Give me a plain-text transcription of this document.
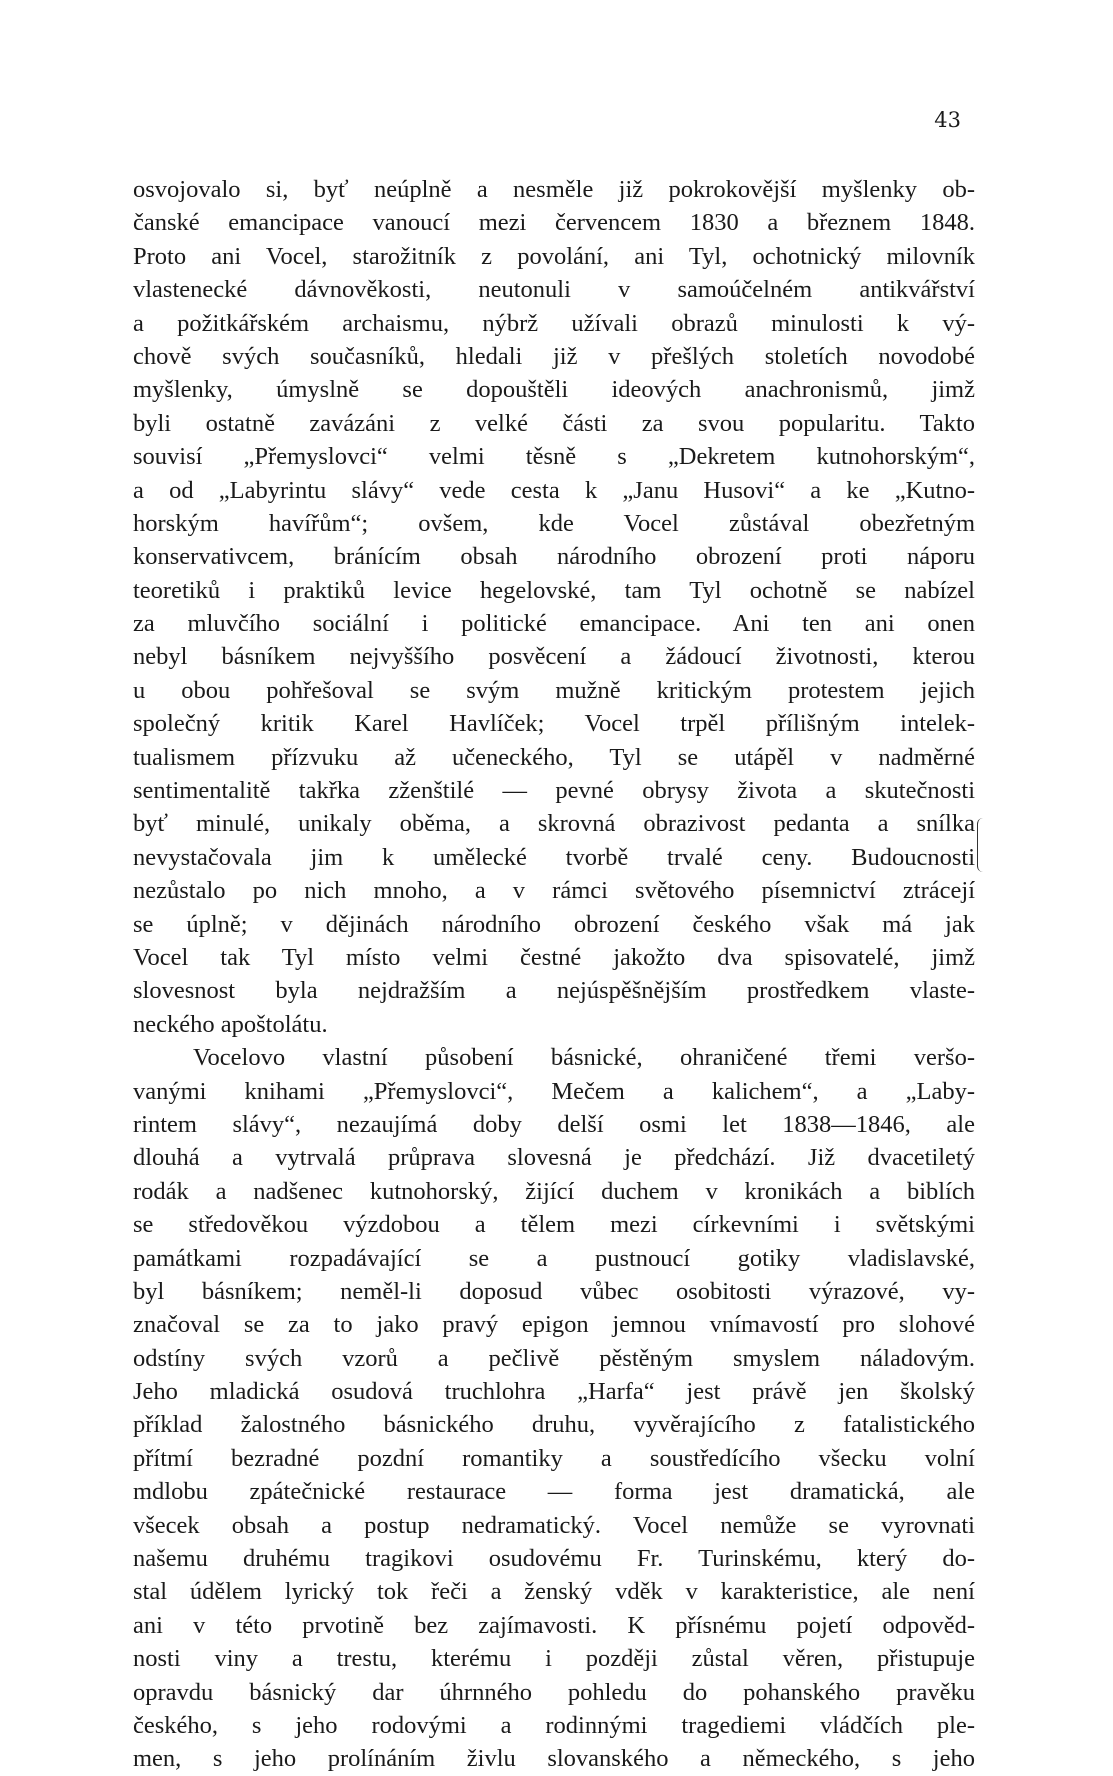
43
osvojovalo si, byť neúplně a nesměle již pokrokovější myšlenky ob-
čanské emancipace vanoucí mezi červencem 1830 a březnem 1848.
Proto ani Vocel, starožitník z povolání, ani Tyl, ochotnický milovník
vlastenecké dávnověkosti, neutonuli v samoúčelném antikvářství
a požitkářském archaismu, nýbrž užívali obrazů minulosti k vý-
chově svých současníků, hledali již v přešlých stoletích novodobé
myšlenky, úmyslně se dopouštěli ideových anachronismů, jimž
byli ostatně zavázáni z velké části za svou popularitu. Takto
souvisí „Přemyslovci“ velmi těsně s „Dekretem kutnohorským“,
a od „Labyrintu slávy“ vede cesta k „Janu Husovi“ a ke „Kutno-
horským havířům“; ovšem, kde Vocel zůstával obezřetným
konservativcem, bránícím obsah národního obrození proti náporu
teoretiků i praktiků levice hegelovské, tam Tyl ochotně se nabízel
za mluvčího sociální i politické emancipace. Ani ten ani onen
nebyl básníkem nejvyššího posvěcení a žádoucí životnosti, kterou
u obou pohřešoval se svým mužně kritickým protestem jejich
společný kritik Karel Havlíček; Vocel trpěl přílišným intelek-
tualismem přízvuku až učeneckého, Tyl se utápěl v nadměrné
sentimentalitě takřka zženštilé — pevné obrysy života a skutečnosti
byť minulé, unikaly oběma, a skrovná obrazivost pedanta a snílka
nevystačovala jim k umělecké tvorbě trvalé ceny. Budoucnosti
nezůstalo po nich mnoho, a v rámci světového písemnictví ztrácejí
se úplně; v dějinách národního obrození českého však má jak
Vocel tak Tyl místo velmi čestné jakožto dva spisovatelé, jimž
slovesnost byla nejdražším a nejúspěšnějším prostředkem vlaste-
neckého apoštolátu.
Vocelovo vlastní působení básnické, ohraničené třemi veršo-
vanými knihami „Přemyslovci“, Mečem a kalichem“, a „Laby-
rintem slávy“, nezaujímá doby delší osmi let 1838—1846, ale
dlouhá a vytrvalá průprava slovesná je předchází. Již dvacetiletý
rodák a nadšenec kutnohorský, žijící duchem v kronikách a biblích
se středověkou výzdobou a tělem mezi církevními i světskými
památkami rozpadávající se a pustnoucí gotiky vladislavské,
byl básníkem; neměl-li doposud vůbec osobitosti výrazové, vy-
značoval se za to jako pravý epigon jemnou vnímavostí pro slohové
odstíny svých vzorů a pečlivě pěstěným smyslem náladovým.
Jeho mladická osudová truchlohra „Harfa“ jest právě jen školský
příklad žalostného básnického druhu, vyvěrajícího z fatalistického
přítmí bezradné pozdní romantiky a soustředícího všecku volní
mdlobu zpátečnické restaurace — forma jest dramatická, ale
všecek obsah a postup nedramatický. Vocel nemůže se vyrovnati
našemu druhému tragikovi osudovému Fr. Turinskému, který do-
stal údělem lyrický tok řeči a ženský vděk v karakteristice, ale není
ani v této prvotině bez zajímavosti. K přísnému pojetí odpověd-
nosti viny a trestu, kterému i později zůstal věren, přistupuje
opravdu básnický dar úhrnného pohledu do pohanského pravěku
českého, s jeho rodovými a rodinnými tragediemi vládčích ple-
men, s jeho prolínáním živlu slovanského a německého, s jeho
